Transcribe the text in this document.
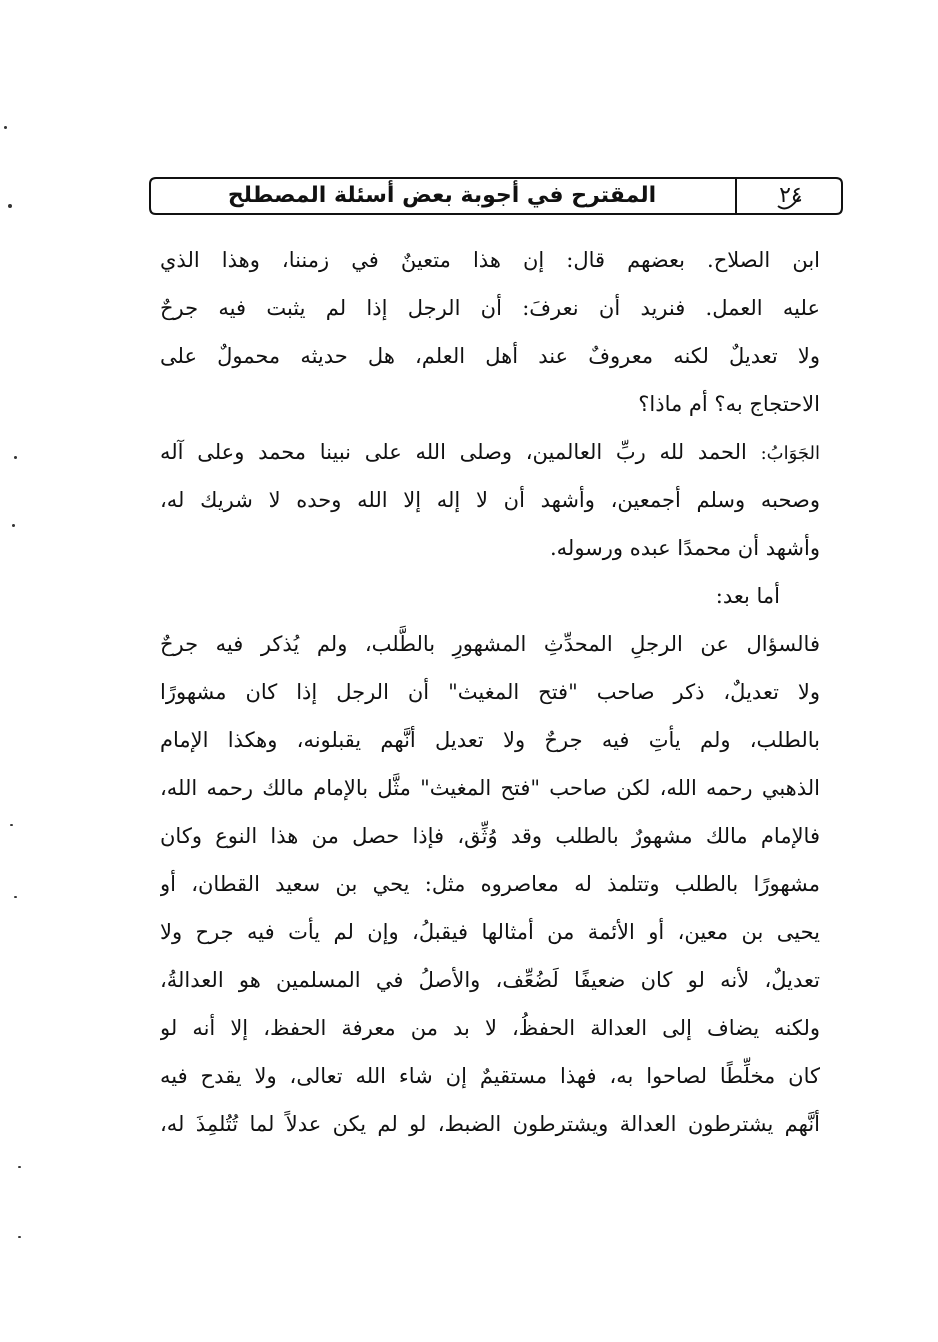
المقترح في أجوبة بعض أسئلة المصطلح	٢٤
ابن الصلاح. بعضهم قال: إن هذا متعينٌ في زمننا، وهذا الذي
عليه العمل. فنريد أن نعرفَ: أن الرجل إذا لم يثبت فيه جرحٌ
ولا تعديلٌ لكنه معروفٌ عند أهل العلم، هل حديثه محمولٌ على
الاحتجاج به؟ أم ماذا؟
الجَوَابُ: الحمد لله ربِّ العالمين، وصلى الله على نبينا محمد وعلى آله
وصحبه وسلم أجمعين، وأشهد أن لا إله إلا الله وحده لا شريك له،
وأشهد أن محمدًا عبده ورسوله.
أما بعد:
فالسؤال عن الرجلِ المحدِّثِ المشهورِ بالطَّلب، ولم يُذكر فيه جرحٌ
ولا تعديلٌ، ذكر صاحب "فتح المغيث" أن الرجل إذا كان مشهورًا
بالطلب، ولم يأتِ فيه جرحٌ ولا تعديل أنَّهم يقبلونه، وهكذا الإمام
الذهبي رحمه الله، لكن صاحب "فتح المغيث" مثَّل بالإمام مالك رحمه الله،
فالإمام مالك مشهورٌ بالطلب وقد وُثِّق، فإذا حصل من هذا النوع وكان
مشهورًا بالطلب وتتلمذ له معاصروه مثل: يحي بن سعيد القطان، أو
يحيى بن معين، أو الأئمة من أمثالها فيقبلُ، وإن لم يأت فيه جرح ولا
تعديلٌ، لأنه لو كان ضعيفًا لَضُعِّف، والأصلُ في المسلمين هو العدالةُ،
ولكنه يضاف إلى العدالة الحفظُ، لا بد من معرفة الحفظ، إلا أنه لو
كان مخلِّطًا لصاحوا به، فهذا مستقيمٌ إن شاء الله تعالى، ولا يقدح فيه
أنَّهم يشترطون العدالة ويشترطون الضبط، لو لم يكن عدلاً لما تُتُلمِذَ له،
